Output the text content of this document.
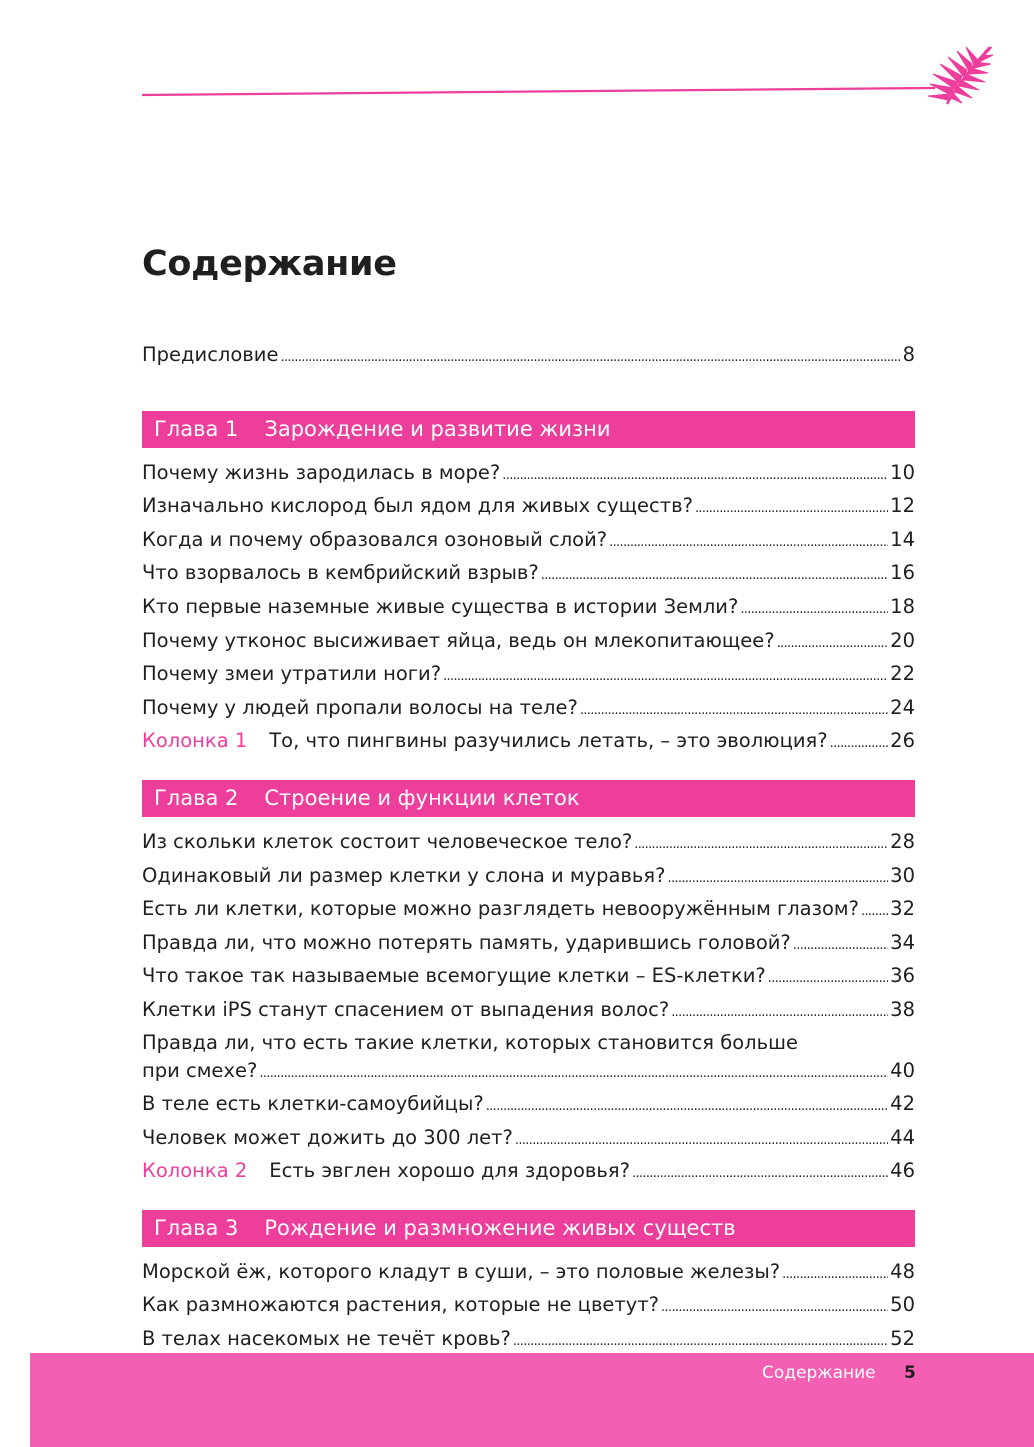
Содержание
Предисловие . . .	8
Глава 1 Зарождение и развитие жизни
Почему жизнь зародилась в море? . . .	10
Изначально кислород был ядом для живых существ? . . .	12
Когда и почему образовался озоновый слой? . . .	14
Что взорвалось в кембрийский взрыв? . . .	16
Кто первые наземные живые существа в истории Земли? . . .	18
Почему утконос высиживает яйца, ведь он млекопитающее? . . .	20
Почему змеи утратили ноги? . . .	22
Почему у людей пропали волосы на теле? . . .	24
Колонка 1 То, что пингвины разучились летать, – это эволюция? . . .	26
Глава 2 Строение и функции клеток
Из скольки клеток состоит человеческое тело? . . .	28
Одинаковый ли размер клетки у слона и муравья? . . .	30
Есть ли клетки, которые можно разглядеть невооружённым глазом? . . . 32
Правда ли, что можно потерять память, ударившись головой? . . .	34
Что такое так называемые всемогущие клетки – ES-клетки? . . .	36
Клетки iPS станут спасением от выпадения волос? . . .	38
Правда ли, что есть такие клетки, которых становится больше
при смехе? . . .	40
В теле есть клетки-самоубийцы? . . .	42
Человек может дожить до 300 лет? . . .	44
Колонка 2 Есть эвглен хорошо для здоровья? . . .	46
Глава 3 Рождение и размножение живых существ
Морской ёж, которого кладут в суши, – это половые железы? . . .	48
Как размножаются растения, которые не цветут? . . .	50
В телах насекомых не течёт кровь? . . .	52
Содержание 5
